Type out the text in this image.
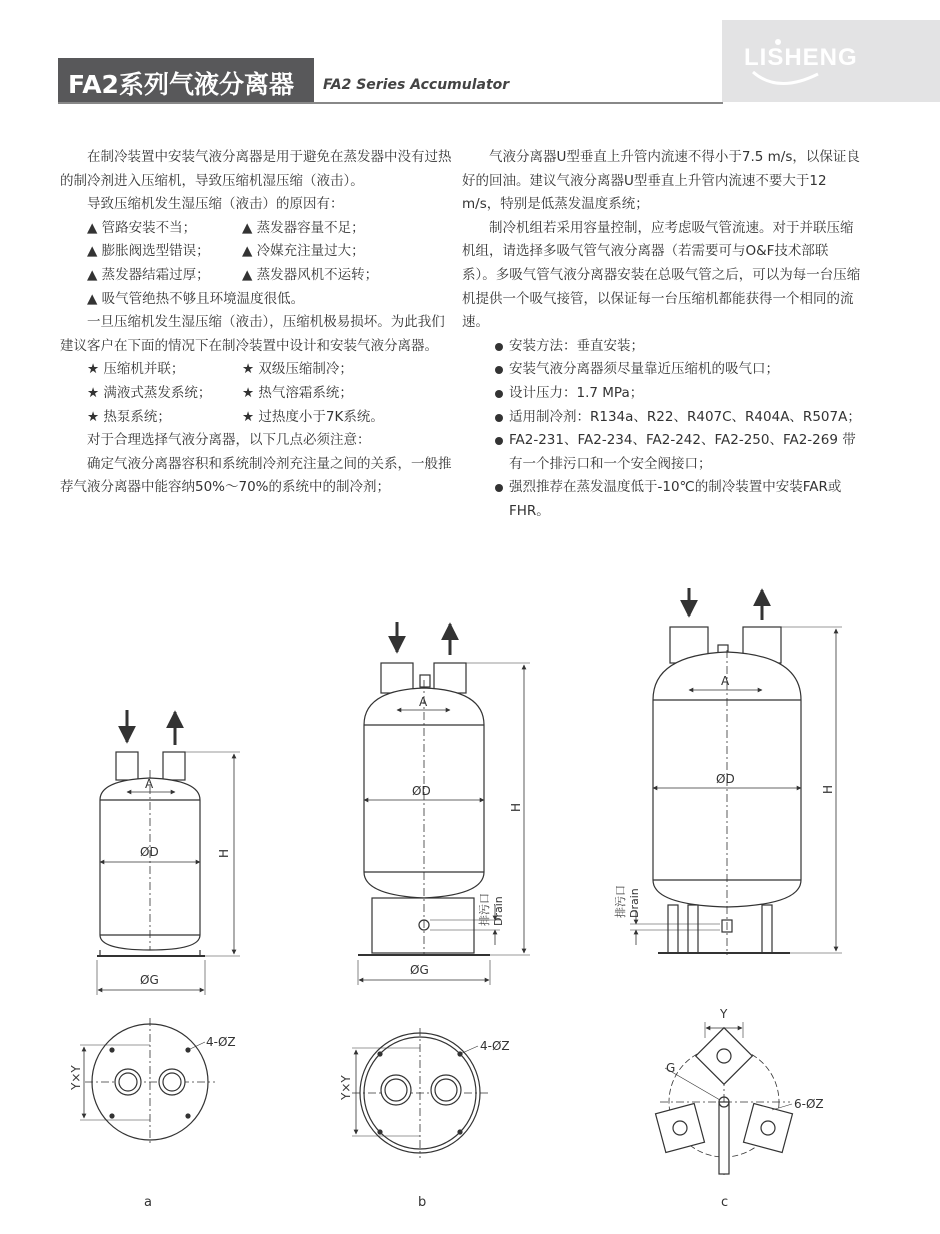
FA2系列气液分离器 FA2 Series Accumulator
LISHENG

在制冷装置中安装气液分离器是用于避免在蒸发器中没有过热的制冷剂进入压缩机，导致压缩机湿压缩（液击）。

导致压缩机发生湿压缩（液击）的原因有：

▲ 管路安装不当；	▲ 蒸发器容量不足；
▲ 膨胀阀选型错误；	▲ 冷媒充注量过大；
▲ 蒸发器结霜过厚；	▲ 蒸发器风机不运转；
▲ 吸气管绝热不够且环境温度很低。

一旦压缩机发生湿压缩（液击），压缩机极易损坏。为此我们建议客户在下面的情况下在制冷装置中设计和安装气液分离器。

★ 压缩机并联；	★ 双级压缩制冷；
★ 满液式蒸发系统；	★ 热气溶霜系统；
★ 热泵系统；	★ 过热度小于7K系统。

对于合理选择气液分离器，以下几点必须注意：

确定气液分离器容积和系统制冷剂充注量之间的关系，一般推荐气液分离器中能容纳50%～70%的系统中的制冷剂；

气液分离器U型垂直上升管内流速不得小于7.5 m/s，以保证良好的回油。建议气液分离器U型垂直上升管内流速不要大于12 m/s，特别是低蒸发温度系统；

制冷机组若采用容量控制，应考虑吸气管流速。对于并联压缩机组，请选择多吸气管气液分离器（若需要可与O&F技术部联系）。多吸气管气液分离器安装在总吸气管之后，可以为每一台压缩机提供一个吸气接管，以保证每一台压缩机都能获得一个相同的流速。

安装方法：垂直安装；

安装气液分离器须尽量靠近压缩机的吸气口；

设计压力：1.7 MPa；

适用制冷剂：R134a、R22、R407C、R404A、R507A；

FA2-231、FA2-234、FA2-242、FA2-250、FA2-269 带有一个排污口和一个安全阀接口；

强烈推荐在蒸发温度低于-10℃的制冷装置中安装FAR或FHR。

A
ØD	H
ØG
A
ØD
H
排污口 Drain
ØG
A
ØD
H
排污口 Drain
4-ØZ
Y×Y
4-ØZ
Y×Y
Y
G
6-ØZ
a	b	c
